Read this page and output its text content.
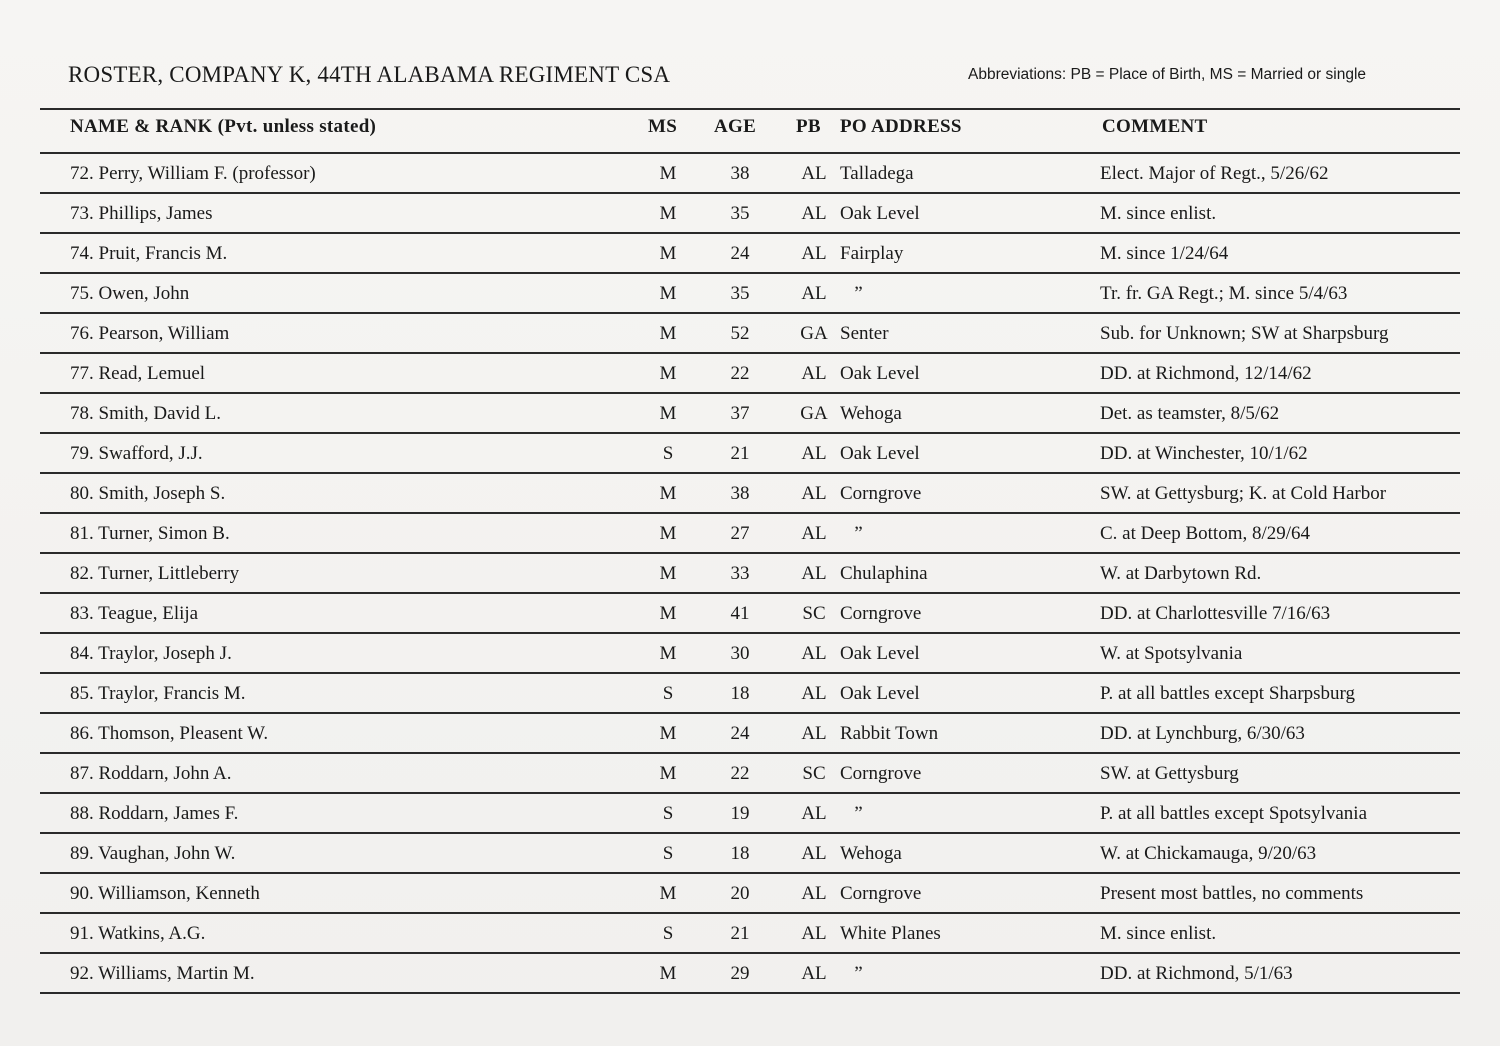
ROSTER, COMPANY K, 44TH ALABAMA REGIMENT CSA	Abbreviations: PB = Place of Birth, MS = Married or single
NAME & RANK (Pvt. unless stated)	MS	AGE	PB	PO ADDRESS	COMMENT
72. Perry, William F. (professor)	M	38	AL Talladega	Elect. Major of Regt., 5/26/62
73. Phillips, James	M	35	AL Oak Level	M. since enlist.
74. Pruit, Francis M.	M	24	AL Fairplay	M. since 1/24/64
75. Owen, John	M	35	AL ”	Tr. fr. GA Regt.; M. since 5/4/63
76. Pearson, William	M	52	GA Senter	Sub. for Unknown; SW at Sharpsburg
77. Read, Lemuel	M	22	AL Oak Level	DD. at Richmond, 12/14/62
78. Smith, David L.	M	37	GA Wehoga	Det. as teamster, 8/5/62
79. Swafford, J.J.	S	21	AL Oak Level	DD. at Winchester, 10/1/62
80. Smith, Joseph S.	M	38	AL Corngrove	SW. at Gettysburg; K. at Cold Harbor
81. Turner, Simon B.	M	27	AL ”	C. at Deep Bottom, 8/29/64
82. Turner, Littleberry	M	33	AL Chulaphina	W. at Darbytown Rd.
83. Teague, Elija	M	41	SC Corngrove	DD. at Charlottesville 7/16/63
84. Traylor, Joseph J.	M	30	AL Oak Level	W. at Spotsylvania
85. Traylor, Francis M.	S	18	AL Oak Level	P. at all battles except Sharpsburg
86. Thomson, Pleasent W.	M	24	AL Rabbit Town	DD. at Lynchburg, 6/30/63
87. Roddarn, John A.	M	22	SC Corngrove	SW. at Gettysburg
88. Roddarn, James F.	S	19	AL ”	P. at all battles except Spotsylvania
89. Vaughan, John W.	S	18	AL Wehoga	W. at Chickamauga, 9/20/63
90. Williamson, Kenneth	M	20	AL Corngrove	Present most battles, no comments
91. Watkins, A.G.	S	21	AL White Planes	M. since enlist.
92. Williams, Martin M.	M	29	AL ”	DD. at Richmond, 5/1/63
